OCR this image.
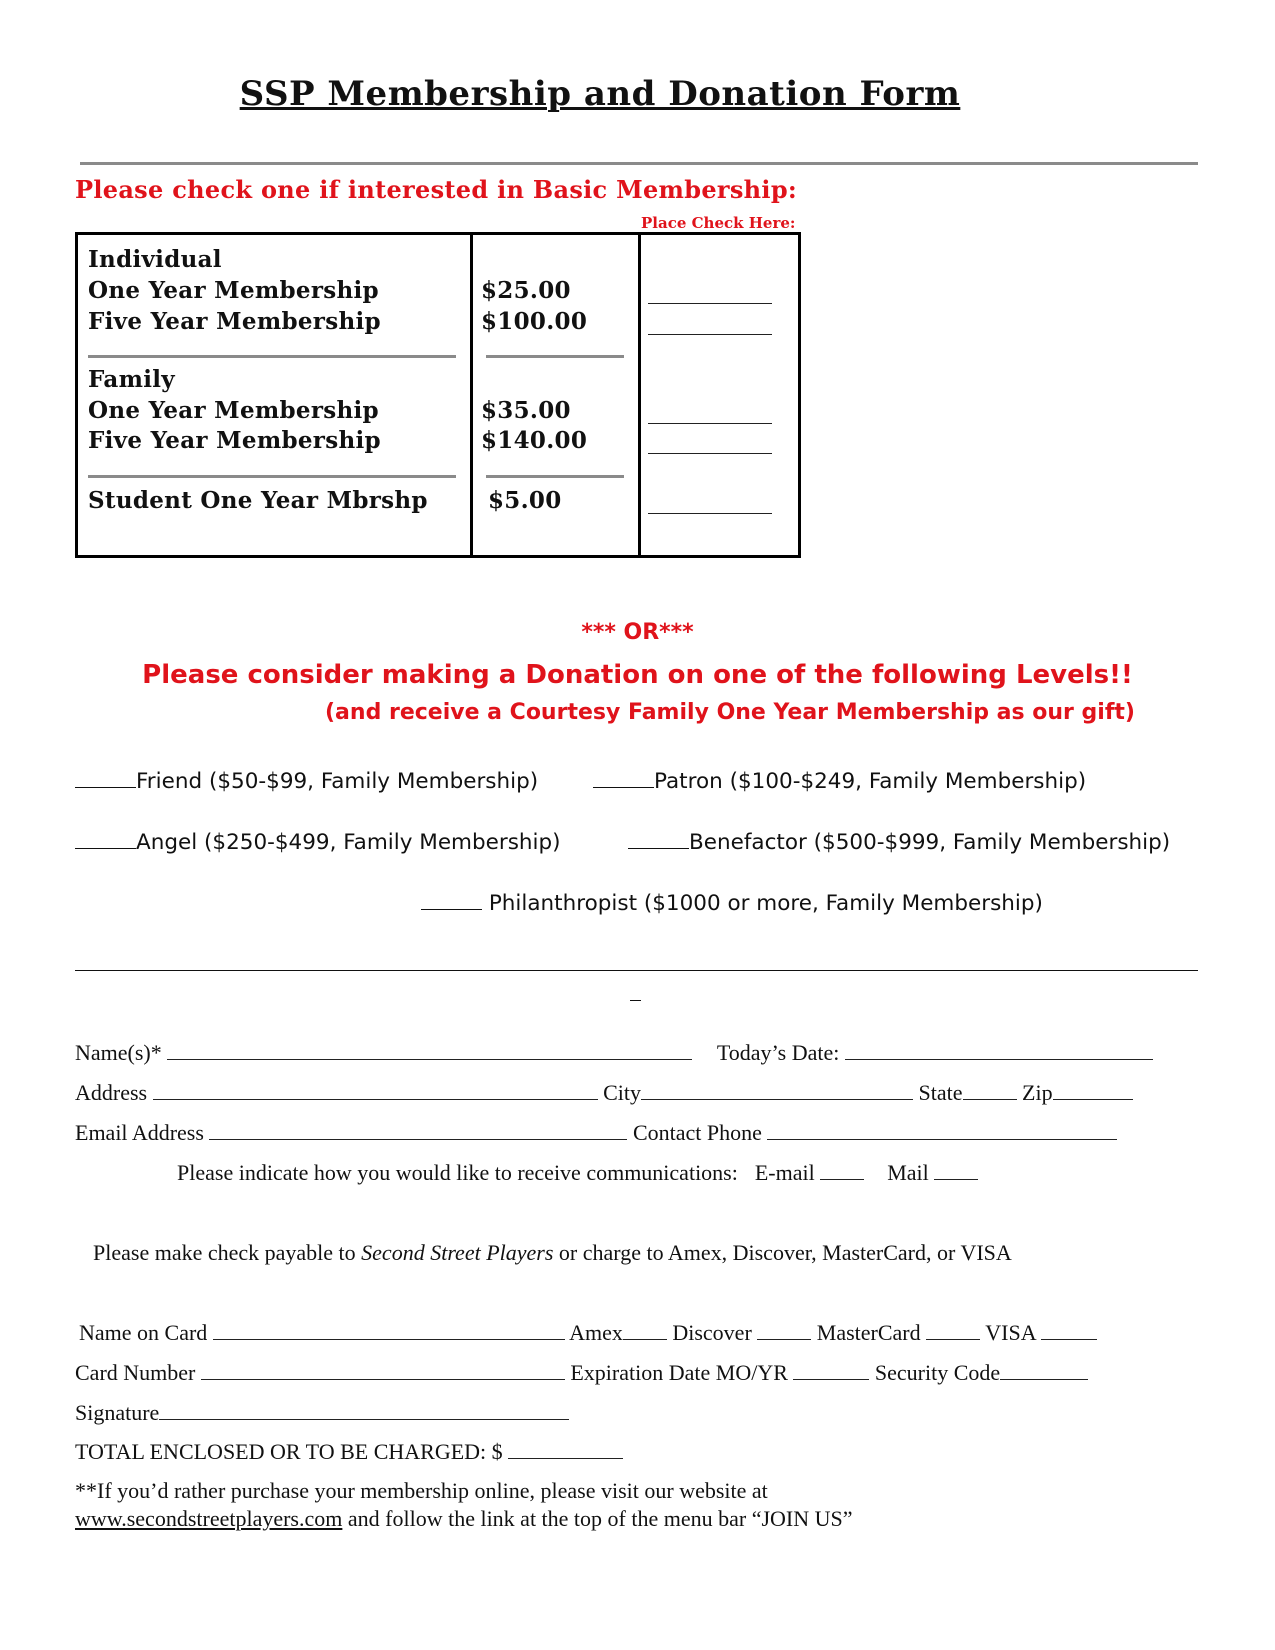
SSP Membership and Donation Form
Please check one if interested in Basic Membership:
Place Check Here:
Individual
One Year Membership	$25.00
Five Year Membership	$100.00
Family
One Year Membership	$35.00
Five Year Membership	$140.00
Student One Year Mbrshp	$5.00
*** OR***
Please consider making a Donation on one of the following Levels!!
(and receive a Courtesy Family One Year Membership as our gift)
Friend ($50-$99, Family Membership)	Patron ($100-$249, Family Membership)
Angel ($250-$499, Family Membership)	Benefactor ($500-$999, Family Membership)
Philanthropist ($1000 or more, Family Membership)
Name(s)*	Today’s Date:
Address	City	State	Zip
Email Address	Contact Phone
Please indicate how you would like to receive communications: E-mail	Mail
Please make check payable to Second Street Players or charge to Amex, Discover, MasterCard, or VISA
Name on Card	Amex Discover	MasterCard	VISA
Card Number	Expiration Date MO/YR	Security Code
Signature
TOTAL ENCLOSED OR TO BE CHARGED: $
**If you’d rather purchase your membership online, please visit our website at
www.secondstreetplayers.com and follow the link at the top of the menu bar “JOIN US”
